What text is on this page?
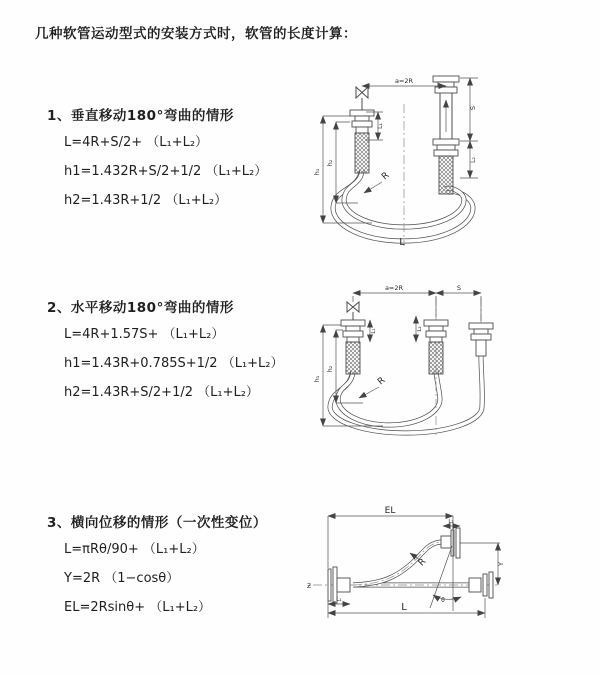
几种软管运动型式的安装方式时，软管的长度计算：
1、垂直移动180°弯曲的情形
L=4R+S/2+ （L₁+L₂）
h1=1.432R+S/2+1/2 （L₁+L₂）
h2=1.43R+1/2 （L₁+L₂）
2、水平移动180°弯曲的情形
L=4R+1.57S+ （L₁+L₂）
h1=1.43R+0.785S+1/2 （L₁+L₂）
h2=1.43R+S/2+1/2 （L₁+L₂）
3、横向位移的情形（一次性变位）
L=πRθ/90+ （L₁+L₂）
Y=2R （1−cosθ）
EL=2Rsinθ+ （L₁+L₂）
a=2R
L₁
S
L₂
h₁
h₂
R
L
a=2R	S
L₁	L₂
h₁
h₂
R
EL
L₂
Y
θ
R
L₁
L
Ƶ
